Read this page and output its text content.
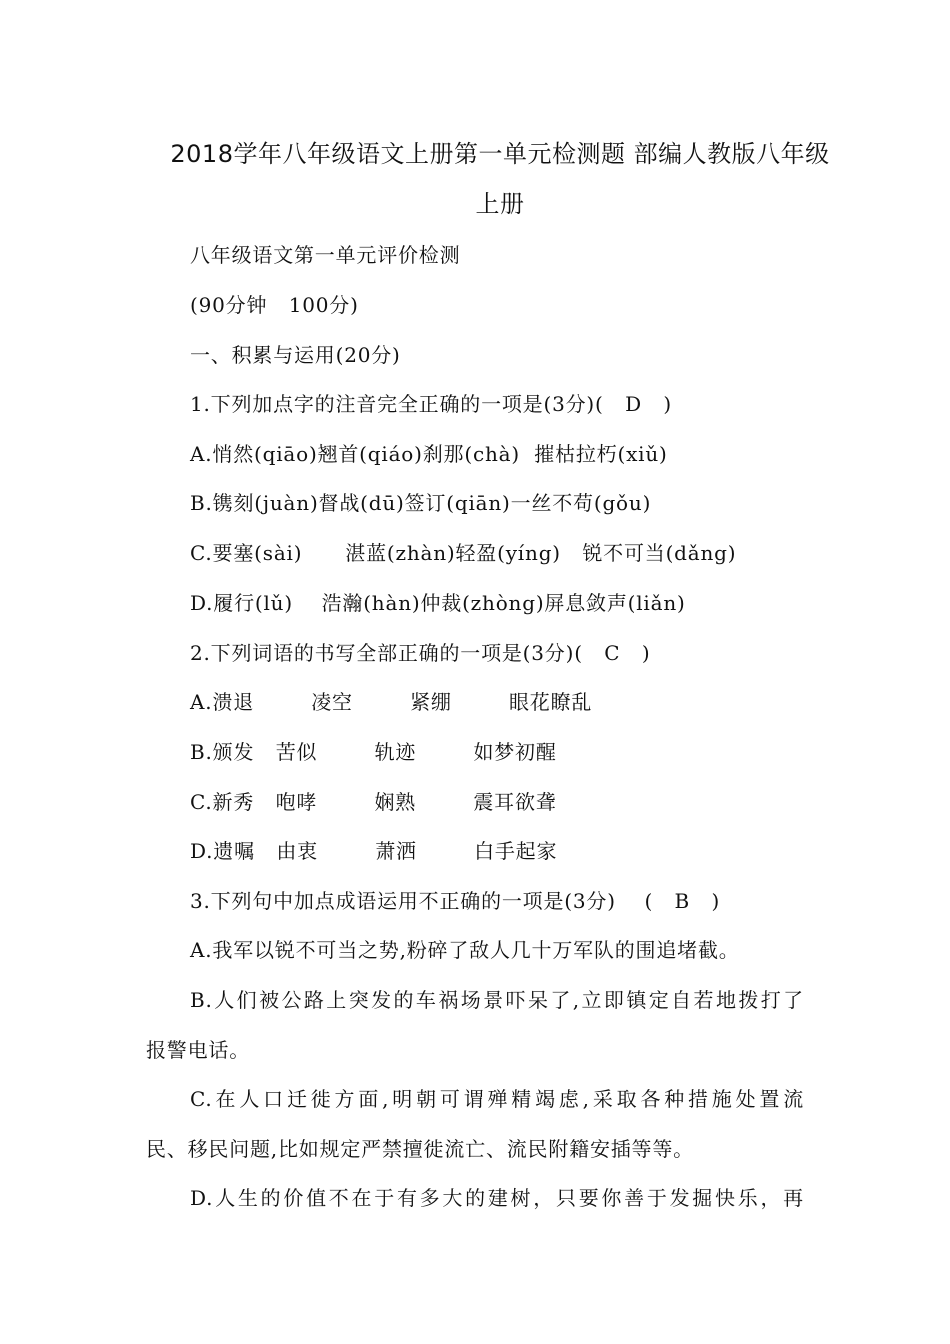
2018学年八年级语文上册第一单元检测题 部编人教版八年级
上册
八年级语文第一单元评价检测
(90分钟   100分)
一、积累与运用(20分)
1.下列加点字的注音完全正确的一项是(3分)(   D   )
A.悄然(qiāo)翘首(qiáo)刹那(chà)  摧枯拉朽(xiǔ)
B.镌刻(juàn)督战(dū)签订(qiān)一丝不苟(gǒu)
C.要塞(sài)      湛蓝(zhàn)轻盈(yíng)   锐不可当(dǎng)
D.履行(lǔ)    浩瀚(hàn)仲裁(zhòng)屏息敛声(liǎn)
2.下列词语的书写全部正确的一项是(3分)(   C   )
A.溃退        凌空        紧绷        眼花瞭乱
B.颁发   苦似        轨迹        如梦初醒
C.新秀   咆哮        娴熟        震耳欲聋
D.遗嘱   由衷        萧洒        白手起家
3.下列句中加点成语运用不正确的一项是(3分)    (   B   )
A.我军以锐不可当之势,粉碎了敌人几十万军队的围追堵截。
B.人们被公路上突发的车祸场景吓呆了,立即镇定自若地拨打了
报警电话。
C.在人口迁徙方面,明朝可谓殚精竭虑,采取各种措施处置流
民、移民问题,比如规定严禁擅徙流亡、流民附籍安插等等。
D.人生的价值不在于有多大的建树，只要你善于发掘快乐，再
